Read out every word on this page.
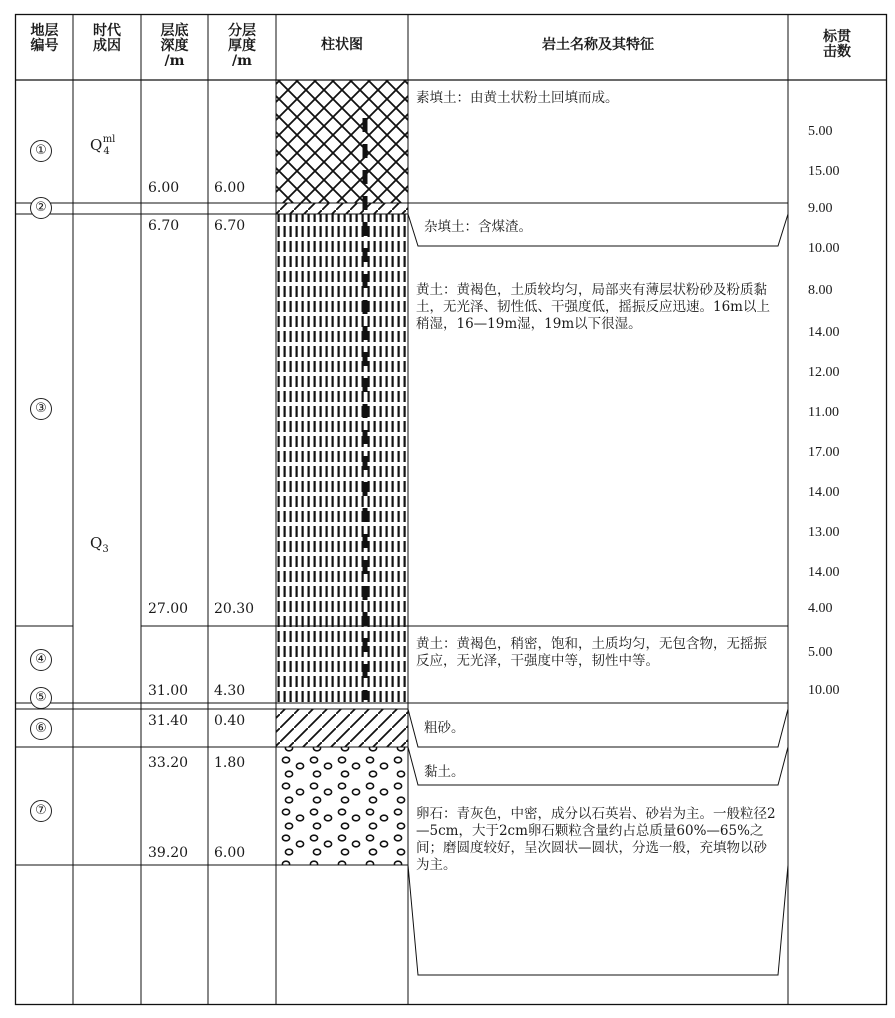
地层
编号
时代
成因
层底
深度
/m
分层
厚度
/m
柱状图	岩土名称及其特征	标贯
击数
①
②
③
④
⑤
⑥
⑦
$Q_4^{ml}$
$Q_3$
6.00 6.00
6.70 6.70
27.00 20.30
31.00 4.30
31.40 0.40
33.20 1.80
39.20 6.00
素填土：由黄土状粉土回填而成。
杂填土：含煤渣。
黄土：黄褐色，土质较均匀，局部夹有薄层状粉砂及粉质黏土，无光泽、韧性低、干强度低，摇振反应迅速。16m以上稍湿，16—19m湿，19m以下很湿。
黄土：黄褐色，稍密，饱和，土质均匀，无包含物，无摇振反应，无光泽，干强度中等，韧性中等。
粗砂。
黏土。
卵石：青灰色，中密，成分以石英岩、砂岩为主。一般粒径2—5cm，大于2cm卵石颗粒含量约占总质量60%—65%之间；磨圆度较好，呈次圆状—圆状，分选一般，充填物以砂为主。
5.00
15.00
9.00
10.00
8.00
14.00
12.00
11.00
17.00
14.00
13.00
14.00
4.00
5.00
10.00
